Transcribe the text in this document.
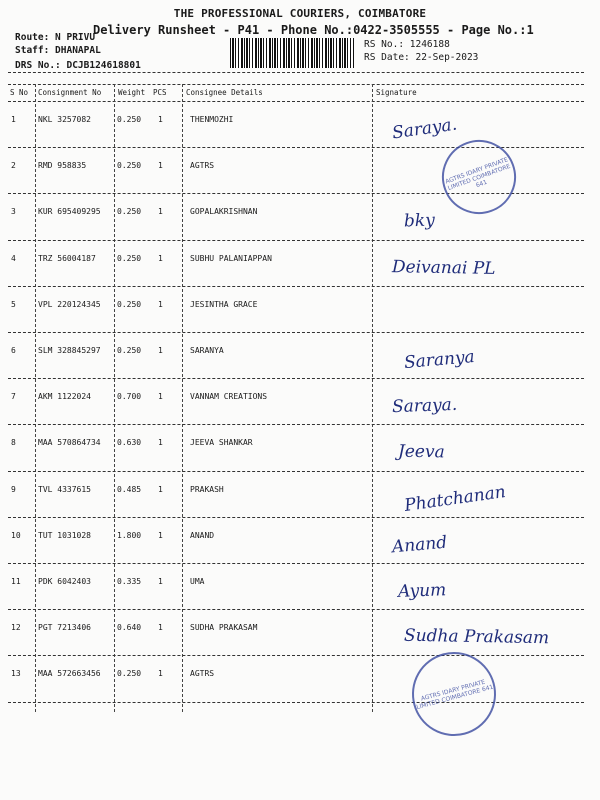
THE PROFESSIONAL COURIERS, COIMBATORE
Delivery Runsheet - P41 - Phone No.:0422-3505555 - Page No.:1
Route: N PRIVU
Staff: DHANAPAL
DRS No.: DCJB124618801
RS No.: 1246188
RS Date: 22-Sep-2023
S No Consignment No Weight PCS	Consignee Details	Signature
1	NKL 3257082	0.250 1	THENMOZHI	Saraya.
2	RMD 958835	0.250 1	AGTRS
3	KUR 695409295 0.250 1	GOPALAKRISHNAN	bky
4	TRZ 56004187	0.250 1	SUBHU PALANIAPPAN	Deivanai PL
5	VPL 220124345 0.250 1	JESINTHA GRACE
6	SLM 328845297 0.250 1	SARANYA	Saranya
7	AKM 1122024	0.700 1	VANNAM CREATIONS	Saraya.
8	MAA 570864734 0.630 1	JEEVA SHANKAR	Jeeva
9	TVL 4337615	0.485 1	PRAKASH	Phatchanan
10 TUT 1031028	1.800 1	ANAND	Anand
11 PDK 6042403	0.335 1	UMA	Ayum
12 PGT 7213406	0.640 1	SUDHA PRAKASAM	Sudha Prakasam
13 MAA 572663456 0.250 1	AGTRS
AGTRS IDARY PRIVATE LIMITED COIMBATORE 641
AGTRS IDARY PRIVATE LIMITED COIMBATORE 641
